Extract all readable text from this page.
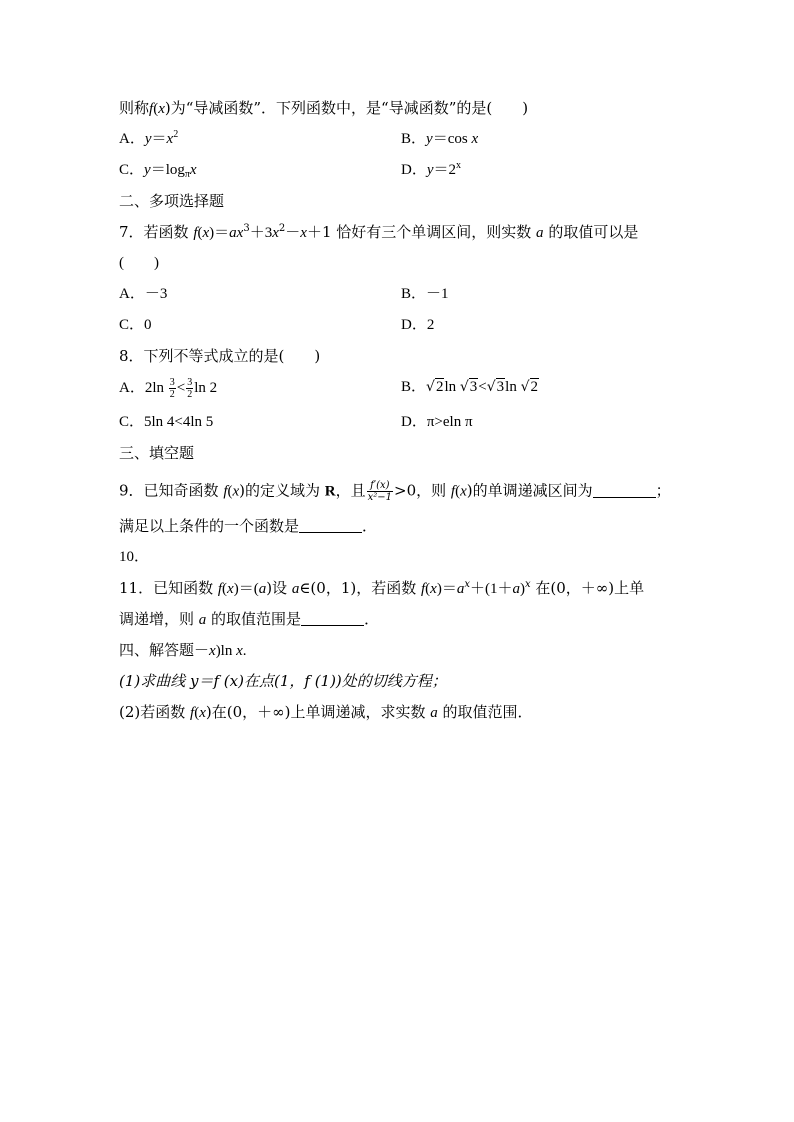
则称f(x)为“导减函数”．下列函数中，是“导减函数”的是(　　)
A．$y=x^2$	B．y＝cos x
C．$y=\log_\pi x$	D．$y=2^x$
二、多项选择题
7．若函数 $f(x)=ax^3+3x^2-x+1$ 恰好有三个单调区间，则实数 a 的取值可以是
(　　)
A．－3	B．－1
C．0	D．2
8．下列不等式成立的是(　　)
A．$2\ln \frac{3}{2} < \frac{3}{2}$ ln 2	B．√2ln √3<√3ln √2
C．5ln 4<4ln 5	D．π>eln π
三、填空题
9．已知奇函数 f(x)的定义域为 R，且 $\frac{f'(x)}{\text{x²−1}} >0$，则 f(x)的单调递减区间为	；
满足以上条件的一个函数是	．
10．
11．已知函数 f(x)＝(a)设 a∈(0，1)，若函数 $f(x)=a^x+(1+a)^x$ 在(0，＋∞)上单
调递增，则 a 的取值范围是	．
四、解答题－x)ln x.
(1)求曲线 y＝f (x)在点(1，f (1))处的切线方程；
(2)若函数 f(x)在(0，＋∞)上单调递减，求实数 a 的取值范围．
